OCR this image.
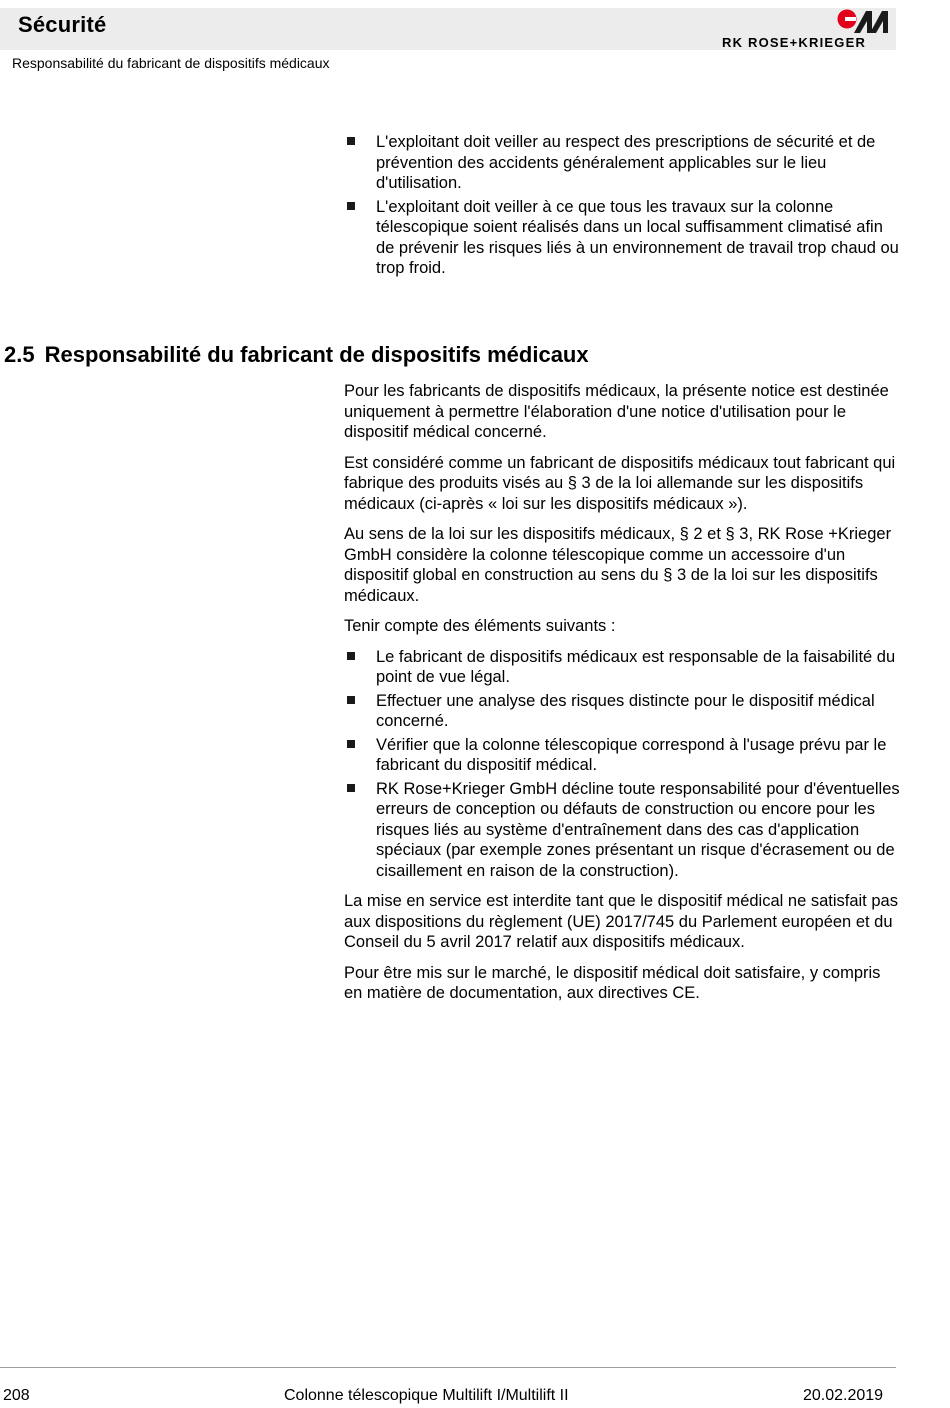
Sécurité
Responsabilité du fabricant de dispositifs médicaux
RK ROSE+KRIEGER
L'exploitant doit veiller au respect des prescriptions de sécurité et de prévention des accidents généralement applicables sur le lieu d'utilisation.
L'exploitant doit veiller à ce que tous les travaux sur la colonne télescopique soient réalisés dans un local suffisamment climatisé afin de prévenir les risques liés à un environnement de travail trop chaud ou trop froid.
2.5 Responsabilité du fabricant de dispositifs médicaux

Pour les fabricants de dispositifs médicaux, la présente notice est destinée uniquement à permettre l'élaboration d'une notice d'utilisation pour le dispositif médical concerné.

Est considéré comme un fabricant de dispositifs médicaux tout fabricant qui fabrique des produits visés au § 3 de la loi allemande sur les dispositifs médicaux (ci-après « loi sur les dispositifs médicaux »).

Au sens de la loi sur les dispositifs médicaux, § 2 et § 3, RK Rose +Krieger GmbH considère la colonne télescopique comme un accessoire d'un dispositif global en construction au sens du § 3 de la loi sur les dispositifs médicaux.

Tenir compte des éléments suivants :

Le fabricant de dispositifs médicaux est responsable de la faisabilité du point de vue légal.
Effectuer une analyse des risques distincte pour le dispositif médical concerné.
Vérifier que la colonne télescopique correspond à l'usage prévu par le fabricant du dispositif médical.
RK Rose+Krieger GmbH décline toute responsabilité pour d'éventuelles erreurs de conception ou défauts de construction ou encore pour les risques liés au système d'entraînement dans des cas d'application spéciaux (par exemple zones présentant un risque d'écrasement ou de cisaillement en raison de la construction).

La mise en service est interdite tant que le dispositif médical ne satisfait pas aux dispositions du règlement (UE) 2017/745 du Parlement européen et du Conseil du 5 avril 2017 relatif aux dispositifs médicaux.

Pour être mis sur le marché, le dispositif médical doit satisfaire, y compris en matière de documentation, aux directives CE.

208	Colonne télescopique Multilift I/Multilift II	20.02.2019
